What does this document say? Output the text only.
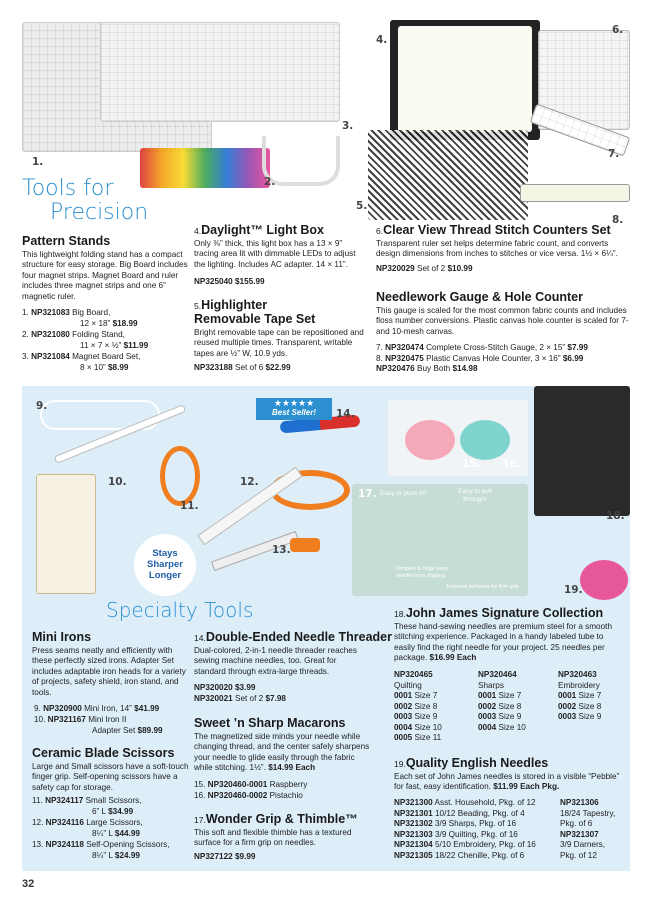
1.
2.
3.
4.
5.
6.
7.
8.
Tools for
Precision
Pattern Stands
This lightweight folding stand has a compact structure for easy storage. Big Board includes four magnet strips. Magnet Board and ruler includes three magnet strips and one 6” magnetic ruler.
1. NP321083 Big Board,
12 × 18” $18.99
2. NP321080 Folding Stand,
11 × 7 × ½” $11.99
3. NP321084 Magnet Board Set,
8 × 10” $8.99
4.Daylight™ Light Box
Only ⅜” thick, this light box has a 13 × 9” tracing area lit with dimmable LEDs to adjust the lighting. Includes AC adapter. 14 × 11”.
NP325040 $155.99
5.Highlighter
Removable Tape Set
Bright removable tape can be repositioned and reused multiple times. Transparent, writable tapes are ½” W, 10.9 yds.
NP323188 Set of 6 $22.99
6.Clear View Thread Stitch Counters Set
Transparent ruler set helps determine fabric count, and converts design dimensions from inches to stitches or vice versa. 1½ × 6¼”.
NP320029 Set of 2 $10.99
Needlework Gauge & Hole Counter
This gauge is scaled for the most common fabric counts and includes floss number conversions. Plastic canvas hole counter is scaled for 7- and 10-mesh canvas.
7. NP320474 Complete Cross-Stitch Gauge, 2 × 15” $7.99
8. NP320475 Plastic Canvas Hole Counter, 3 × 16” $6.99
NP320476 Buy Both $14.98
★★★★★
Best Seller!
Stays
Sharper
Longer
Easy to push in!	Easy to pull through!
Dimples & ridge keep needle from slipping
Textured surfaces for firm grip
9.
10.
11.
12.
13.
14.
15. 16.
17.
18.
19.
Specialty Tools
Mini Irons
Press seams neatly and efficiently with these perfectly sized irons. Adapter Set includes adaptable iron heads for a variety of projects, safety shield, iron stand, and tools.
9. NP320900 Mini Iron, 14” $41.99
10. NP321167 Mini Iron II
Adapter Set $89.99
Ceramic Blade Scissors
Large and Small scissors have a soft-touch finger grip. Self-opening scissors have a safety cap for storage.
11. NP324117 Small Scissors,
6” L $34.99
12. NP324116 Large Scissors,
8¼” L $44.99
13. NP324118 Self-Opening Scissors,
8¼” L $24.99
14.Double-Ended Needle Threader
Dual-colored, 2-in-1 needle threader reaches sewing machine needles, too. Great for standard through extra-large threads.
NP320020 $3.99
NP320021 Set of 2 $7.98
Sweet ’n Sharp Macarons
The magnetized side minds your needle while changing thread, and the center safely sharpens your needle to glide easily through the fabric while stitching. 1½”. $14.99 Each
15. NP320460-0001 Raspberry
16. NP320460-0002 Pistachio
17.Wonder Grip & Thimble™
This soft and flexible thimble has a textured surface for a firm grip on needles.
NP327122 $9.99
18.John James Signature Collection
These hand-sewing needles are premium steel for a smooth stitching experience. Packaged in a handy labeled tube to easily find the right needle for your project. 25 needles per package. $16.99 Each
NP320465
Quilting
0001 Size 7
0002 Size 8
0003 Size 9
0004 Size 10
0005 Size 11
NP320464
Sharps
0001 Size 7
0002 Size 8
0003 Size 9
0004 Size 10
NP320463
Embroidery
0001 Size 7
0002 Size 8
0003 Size 9
19.Quality English Needles
Each set of John James needles is stored in a visible “Pebble” for fast, easy identification. $11.99 Each Pkg.
NP321300 Asst. Household, Pkg. of 12
NP321301 10/12 Beading, Pkg. of 4
NP321302 3/9 Sharps, Pkg. of 16
NP321303 3/9 Quilting, Pkg. of 16
NP321304 5/10 Embroidery, Pkg. of 16
NP321305 18/22 Chenille, Pkg. of 6
NP321306
18/24 Tapestry,
Pkg. of 6
NP321307
3/9 Darners,
Pkg. of 12
32
